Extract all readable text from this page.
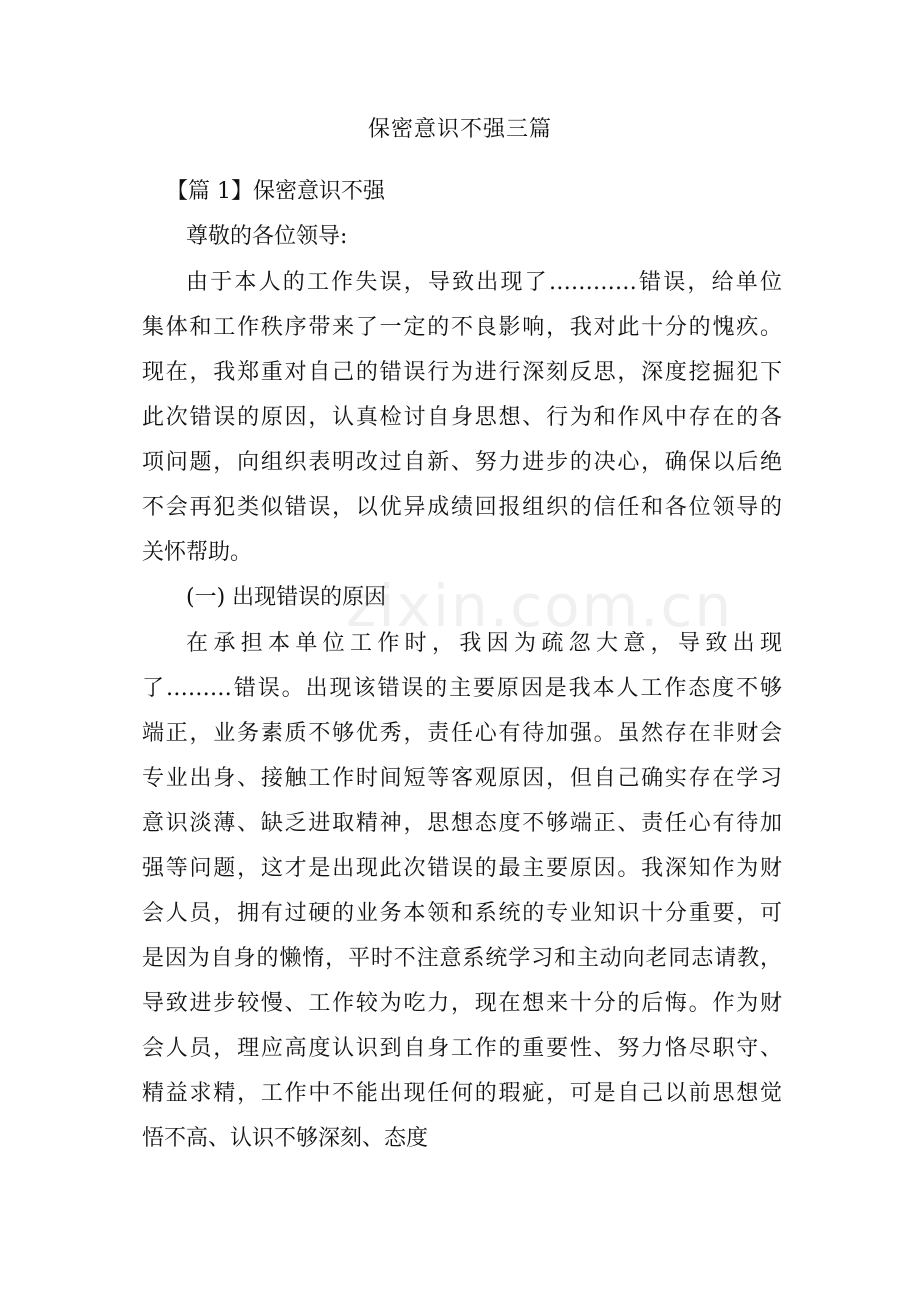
zixin.com.cn
保密意识不强三篇
【篇 1】保密意识不强
尊敬的各位领导:
由于本人的工作失误，导致出现了…………错误，给单位
集体和工作秩序带来了一定的不良影响，我对此十分的愧疚。
现在，我郑重对自己的错误行为进行深刻反思，深度挖掘犯下
此次错误的原因，认真检讨自身思想、行为和作风中存在的各
项问题，向组织表明改过自新、努力进步的决心，确保以后绝
不会再犯类似错误，以优异成绩回报组织的信任和各位领导的
关怀帮助。
(一) 出现错误的原因
在承担本单位工作时，我因为疏忽大意，导致出现
了………错误。出现该错误的主要原因是我本人工作态度不够
端正，业务素质不够优秀，责任心有待加强。虽然存在非财会
专业出身、接触工作时间短等客观原因，但自己确实存在学习
意识淡薄、缺乏进取精神，思想态度不够端正、责任心有待加
强等问题，这才是出现此次错误的最主要原因。我深知作为财
会人员，拥有过硬的业务本领和系统的专业知识十分重要，可
是因为自身的懒惰，平时不注意系统学习和主动向老同志请教，
导致进步较慢、工作较为吃力，现在想来十分的后悔。作为财
会人员，理应高度认识到自身工作的重要性、努力恪尽职守、
精益求精，工作中不能出现任何的瑕疵，可是自己以前思想觉
悟不高、认识不够深刻、态度
